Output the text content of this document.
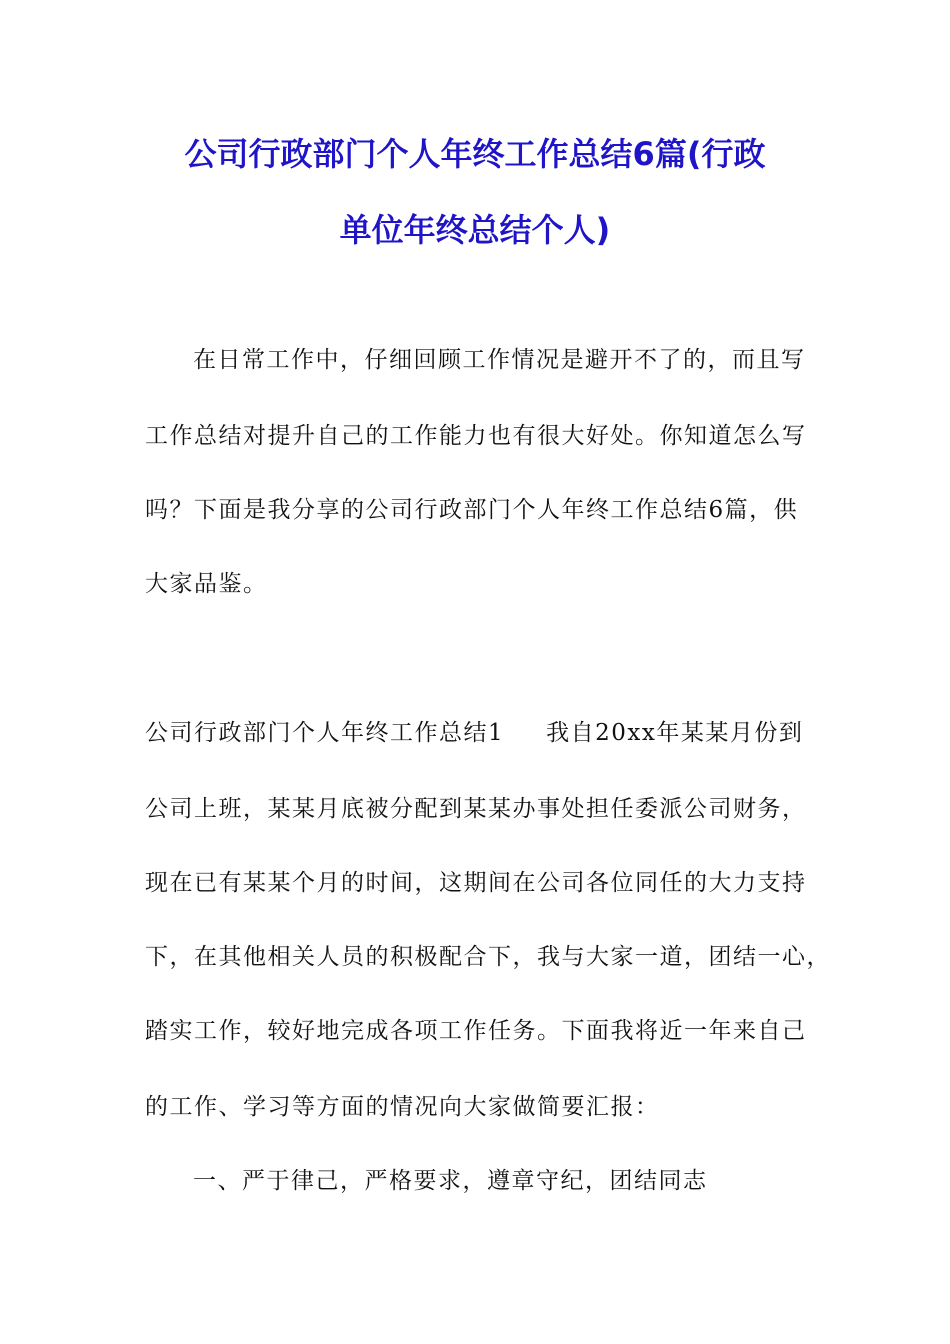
公司行政部门个人年终工作总结6篇(行政
单位年终总结个人)
在日常工作中，仔细回顾工作情况是避开不了的，而且写
工作总结对提升自己的工作能力也有很大好处。你知道怎么写
吗？下面是我分享的公司行政部门个人年终工作总结6篇，供
大家品鉴。
公司行政部门个人年终工作总结1 我自20xx年某某月份到
公司上班，某某月底被分配到某某办事处担任委派公司财务，
现在已有某某个月的时间，这期间在公司各位同任的大力支持
下，在其他相关人员的积极配合下，我与大家一道，团结一心，
踏实工作，较好地完成各项工作任务。下面我将近一年来自己
的工作、学习等方面的情况向大家做简要汇报：
一、严于律己，严格要求，遵章守纪，团结同志
